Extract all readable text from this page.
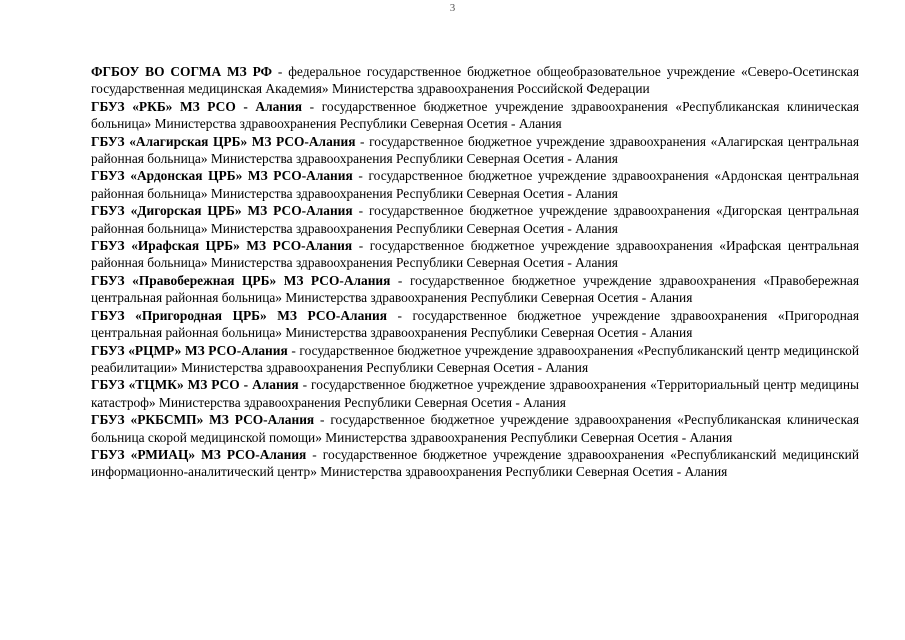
3

ФГБОУ ВО СОГМА МЗ РФ - федеральное государственное бюджетное общеобразовательное учреждение «Северо-Осетинская государственная медицинская Академия» Министерства здравоохранения Российской Федерации

ГБУЗ «РКБ» МЗ РСО - Алания - государственное бюджетное учреждение здравоохранения «Республиканская клиническая больница» Министерства здравоохранения Республики Северная Осетия - Алания

ГБУЗ «Алагирская ЦРБ» МЗ РСО-Алания - государственное бюджетное учреждение здравоохранения «Алагирская центральная районная больница» Министерства здравоохранения Республики Северная Осетия - Алания

ГБУЗ «Ардонская ЦРБ» МЗ РСО-Алания - государственное бюджетное учреждение здравоохранения «Ардонская центральная районная больница» Министерства здравоохранения Республики Северная Осетия - Алания

ГБУЗ «Дигорская ЦРБ» МЗ РСО-Алания - государственное бюджетное учреждение здравоохранения «Дигорская центральная районная больница» Министерства здравоохранения Республики Северная Осетия - Алания

ГБУЗ «Ирафская ЦРБ» МЗ РСО-Алания - государственное бюджетное учреждение здравоохранения «Ирафская центральная районная больница» Министерства здравоохранения Республики Северная Осетия - Алания

ГБУЗ «Правобережная ЦРБ» МЗ РСО-Алания - государственное бюджетное учреждение здравоохранения «Правобережная центральная районная больница» Министерства здравоохранения Республики Северная Осетия - Алания

ГБУЗ «Пригородная ЦРБ» МЗ РСО-Алания - государственное бюджетное учреждение здравоохранения «Пригородная центральная районная больница» Министерства здравоохранения Республики Северная Осетия - Алания

ГБУЗ «РЦМР» МЗ РСО-Алания - государственное бюджетное учреждение здравоохранения «Республиканский центр медицинской реабилитации» Министерства здравоохранения Республики Северная Осетия - Алания

ГБУЗ «ТЦМК» МЗ РСО - Алания - государственное бюджетное учреждение здравоохранения «Территориальный центр медицины катастроф» Министерства здравоохранения Республики Северная Осетия - Алания

ГБУЗ «РКБСМП» МЗ РСО-Алания - государственное бюджетное учреждение здравоохранения «Республиканская клиническая больница скорой медицинской помощи» Министерства здравоохранения Республики Северная Осетия - Алания

ГБУЗ «РМИАЦ» МЗ РСО-Алания - государственное бюджетное учреждение здравоохранения «Республиканский медицинский информационно-аналитический центр» Министерства здравоохранения Республики Северная Осетия - Алания
